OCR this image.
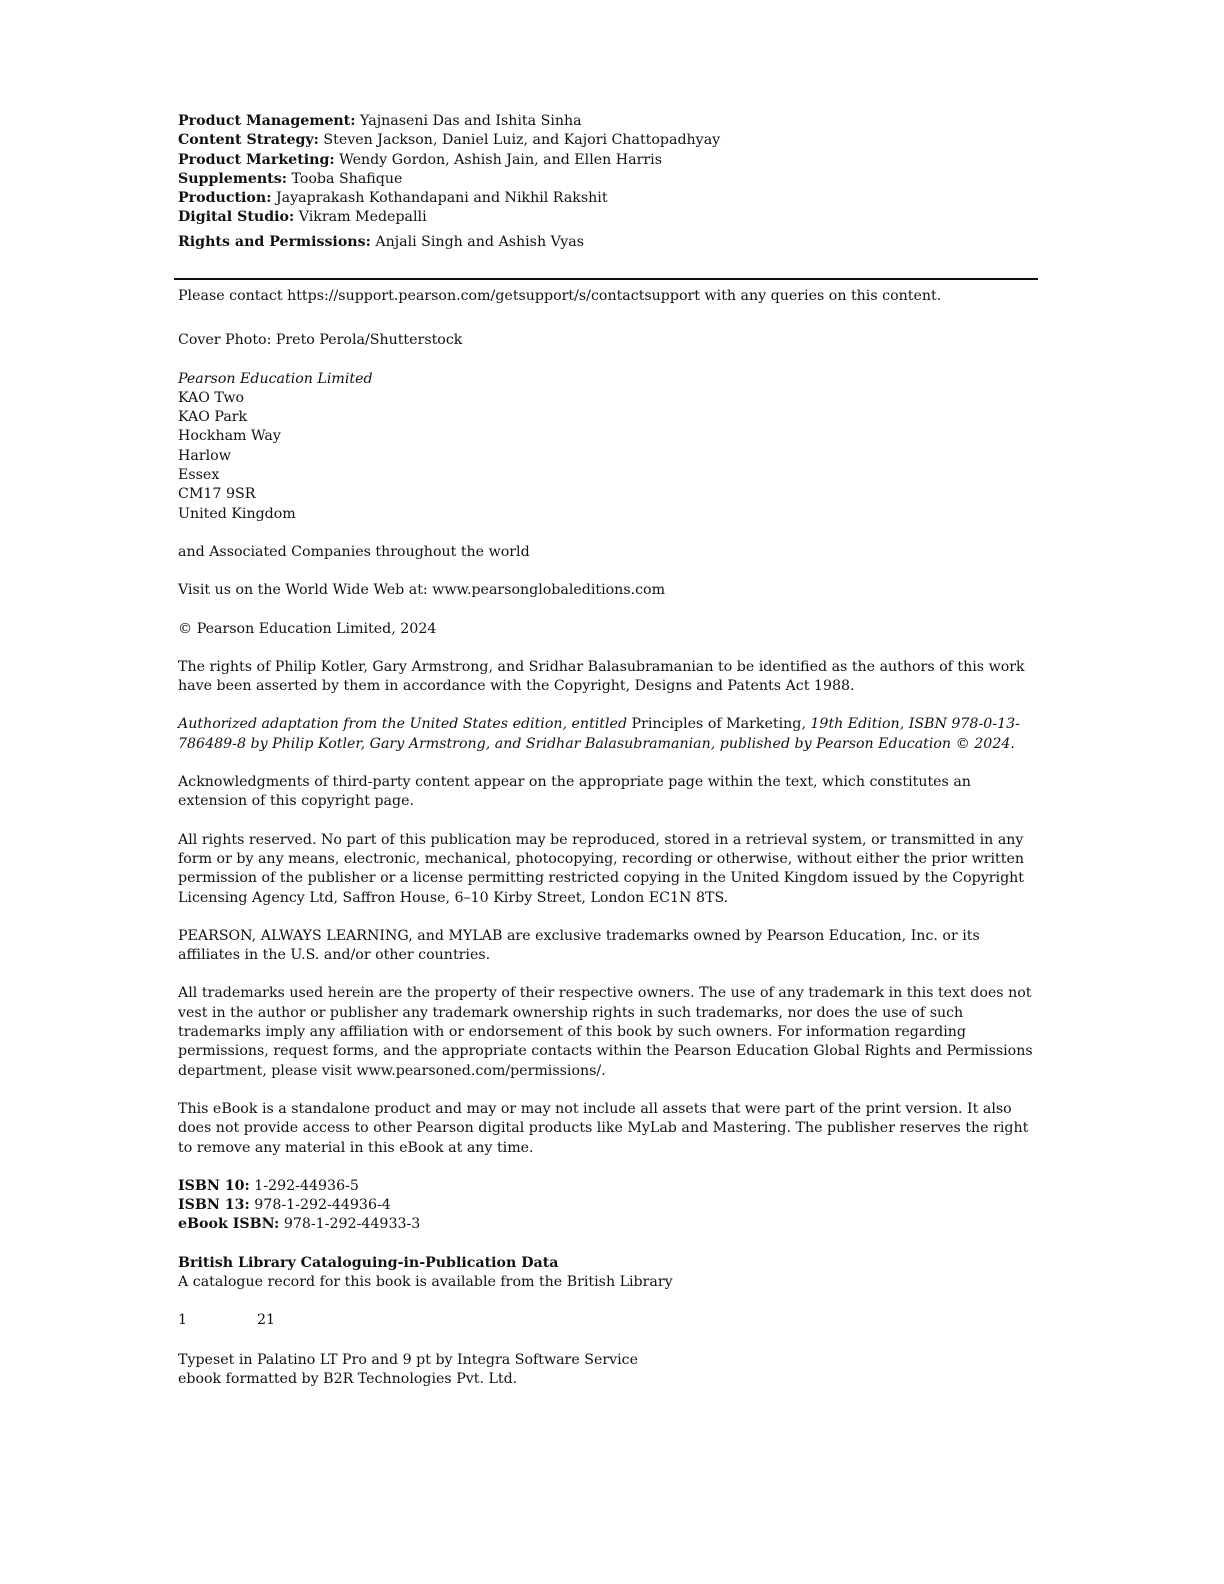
Product Management: Yajnaseni Das and Ishita Sinha
Content Strategy: Steven Jackson, Daniel Luiz, and Kajori Chattopadhyay
Product Marketing: Wendy Gordon, Ashish Jain, and Ellen Harris
Supplements: Tooba Shafique
Production: Jayaprakash Kothandapani and Nikhil Rakshit
Digital Studio: Vikram Medepalli
Rights and Permissions: Anjali Singh and Ashish Vyas

Please contact https://support.pearson.com/getsupport/s/contactsupport with any queries on this content.

Cover Photo: Preto Perola/Shutterstock

Pearson Education Limited
KAO Two
KAO Park
Hockham Way
Harlow
Essex
CM17 9SR
United Kingdom

and Associated Companies throughout the world

Visit us on the World Wide Web at: www.pearsonglobaleditions.com

© Pearson Education Limited, 2024

The rights of Philip Kotler, Gary Armstrong, and Sridhar Balasubramanian to be identified as the authors of this work have been asserted by them in accordance with the Copyright, Designs and Patents Act 1988.

Authorized adaptation from the United States edition, entitled Principles of Marketing, 19th Edition, ISBN 978-0-13-786489-8 by Philip Kotler, Gary Armstrong, and Sridhar Balasubramanian, published by Pearson Education © 2024.

Acknowledgments of third-party content appear on the appropriate page within the text, which constitutes an extension of this copyright page.

All rights reserved. No part of this publication may be reproduced, stored in a retrieval system, or transmitted in any form or by any means, electronic, mechanical, photocopying, recording or otherwise, without either the prior written permission of the publisher or a license permitting restricted copying in the United Kingdom issued by the Copyright Licensing Agency Ltd, Saffron House, 6–10 Kirby Street, London EC1N 8TS.

PEARSON, ALWAYS LEARNING, and MYLAB are exclusive trademarks owned by Pearson Education, Inc. or its affiliates in the U.S. and/or other countries.

All trademarks used herein are the property of their respective owners. The use of any trademark in this text does not vest in the author or publisher any trademark ownership rights in such trademarks, nor does the use of such trademarks imply any affiliation with or endorsement of this book by such owners. For information regarding permissions, request forms, and the appropriate contacts within the Pearson Education Global Rights and Permissions department, please visit www.pearsoned.com/permissions/.

This eBook is a standalone product and may or may not include all assets that were part of the print version. It also does not provide access to other Pearson digital products like MyLab and Mastering. The publisher reserves the right to remove any material in this eBook at any time.

ISBN 10: 1-292-44936-5
ISBN 13: 978-1-292-44936-4
eBook ISBN: 978-1-292-44933-3
British Library Cataloguing-in-Publication Data
A catalogue record for this book is available from the British Library
1	21
Typeset in Palatino LT Pro and 9 pt by Integra Software Service
ebook formatted by B2R Technologies Pvt. Ltd.
